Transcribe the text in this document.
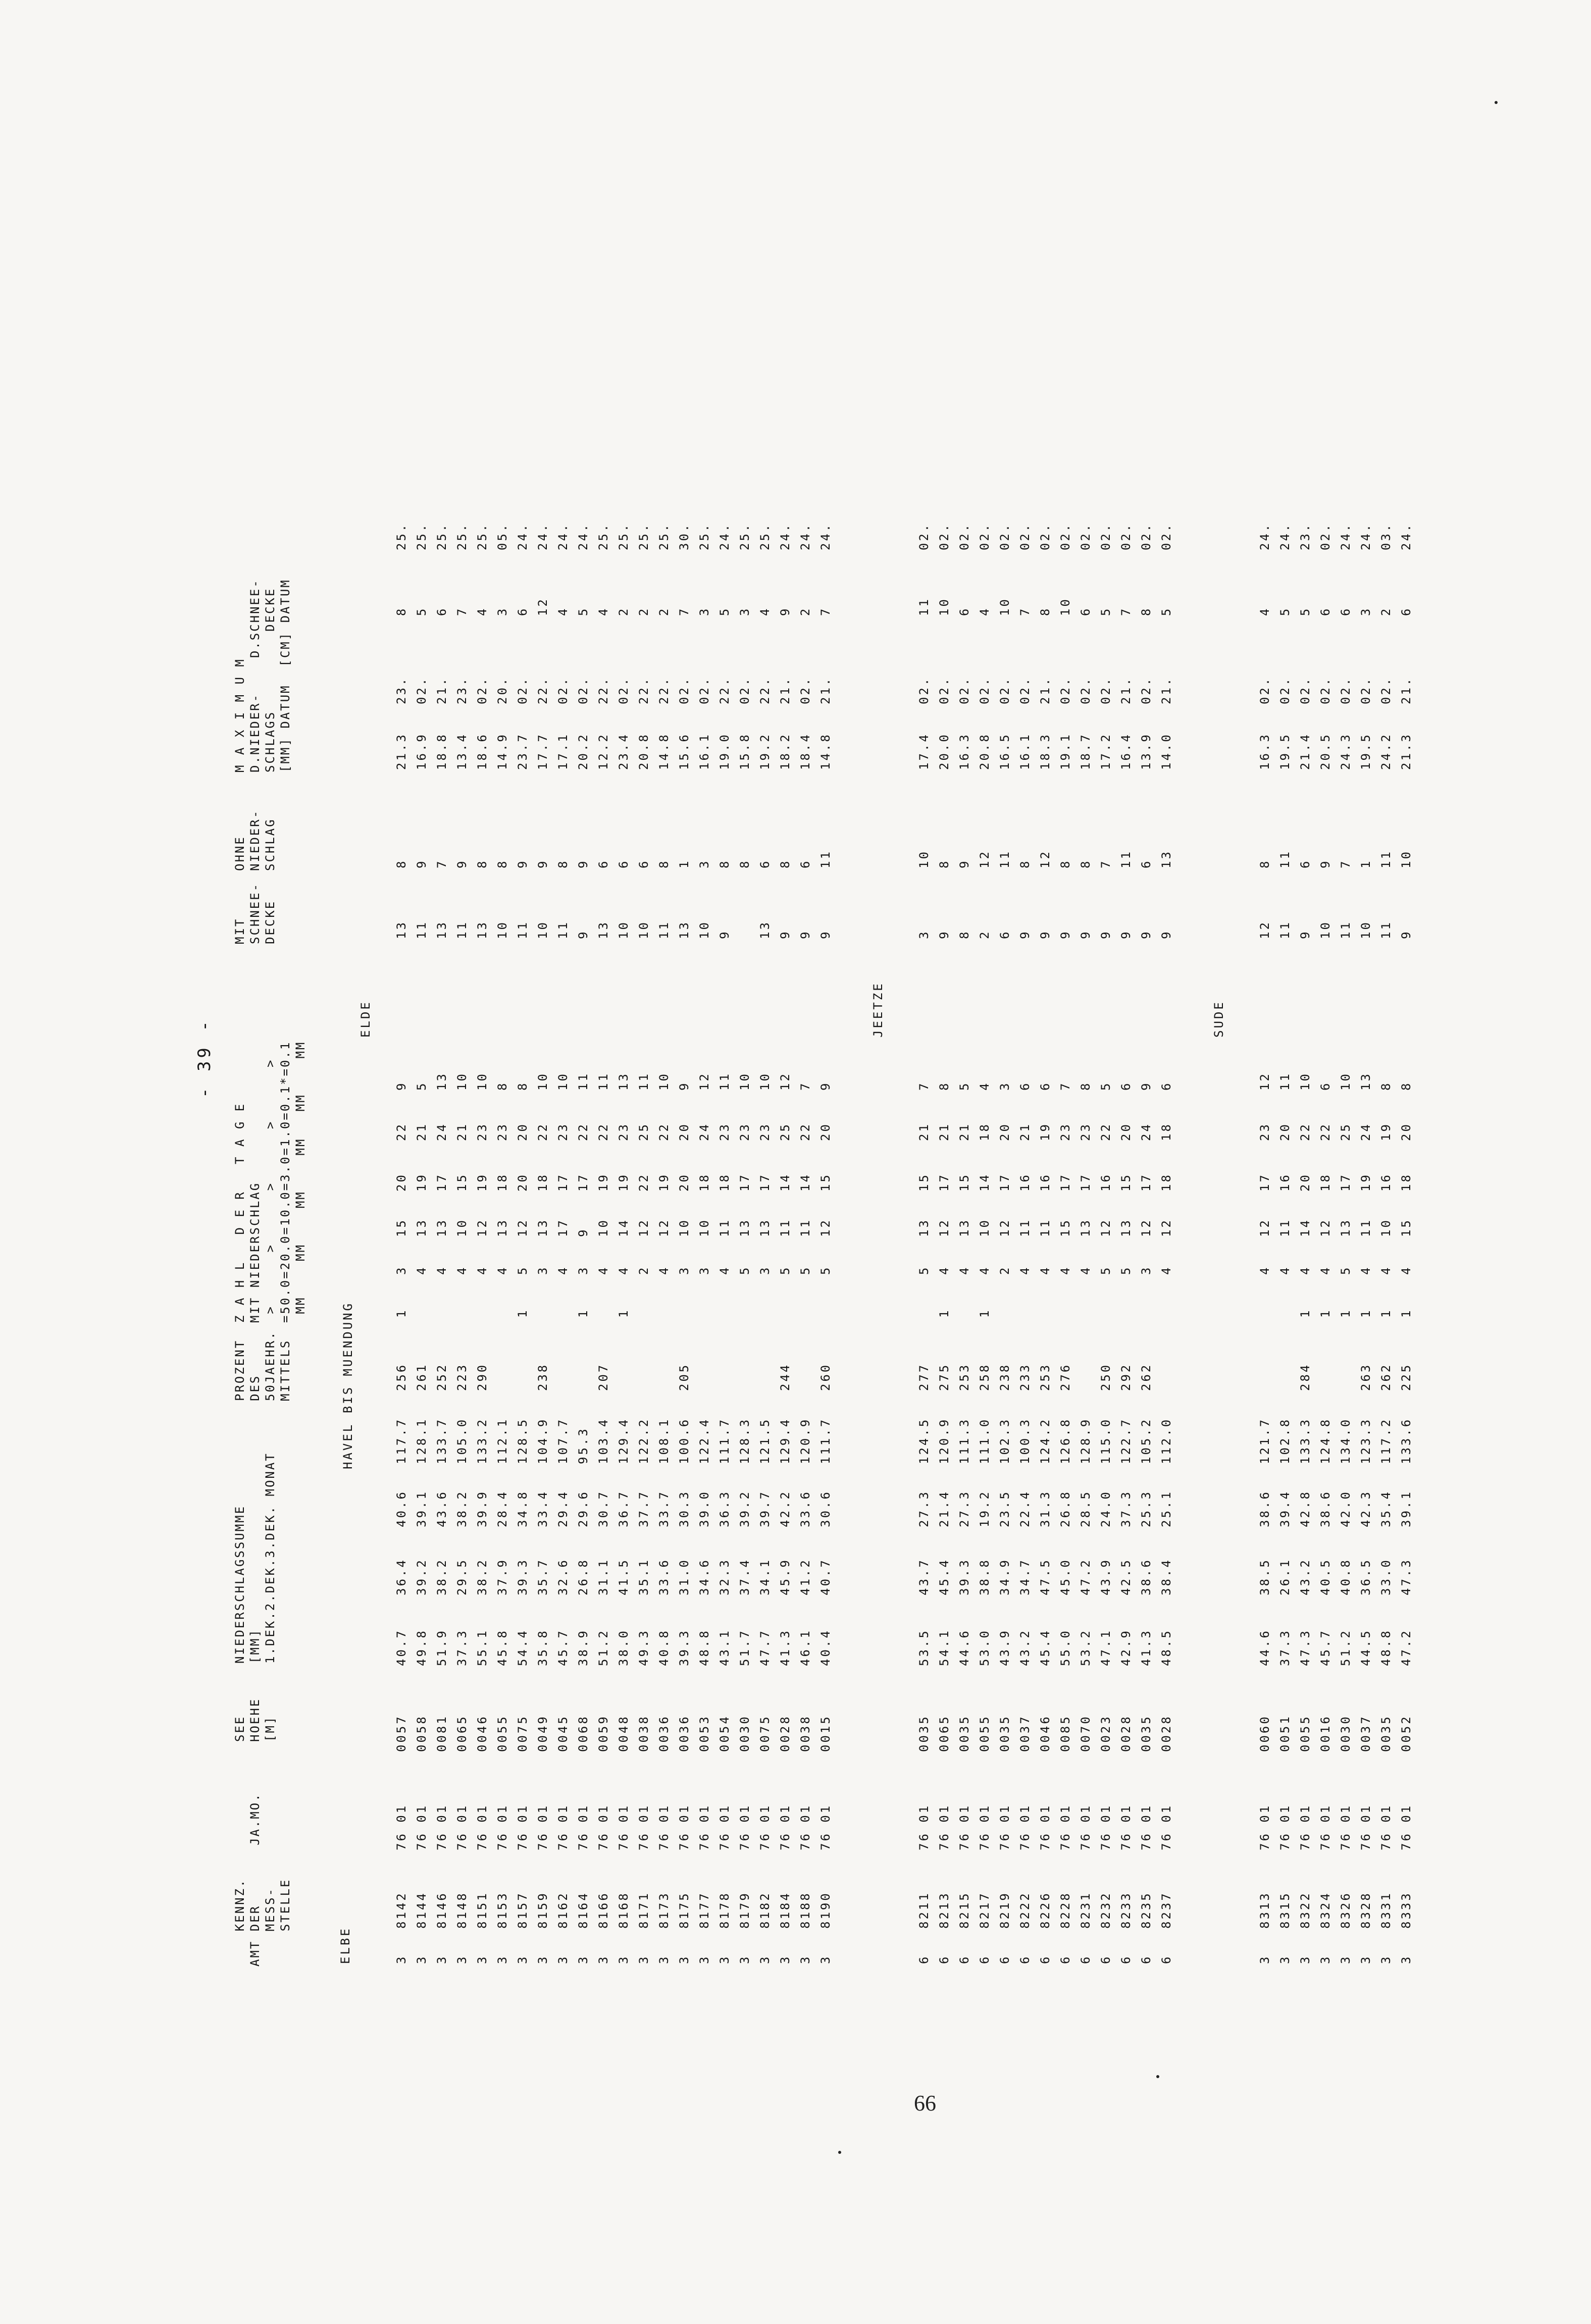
- 39 -
KENNZ.
AMT DER
MESS-
STELLE
JA.MO.
SEE
HOEHE
[M]
NIEDERSCHLAGSSUMME
[MM]
1.DEK.2.DEK.3.DEK. MONAT
PROZENT
DES
50JAEHR.
MITTELS
Z A H L   D E R   T A G E
MIT NIEDERSCHLAG
>      >      >      >      >
=50.0=20.0=10.0=3.0=1.0=0.1*=0.1
MM    MM    MM    MM   MM    MM
MIT
SCHNEE-
DECKE
OHNE
NIEDER-
SCHLAG
M A X I M U M
D.NIEDER-    D.SCHNEE-
SCHLAGS         DECKE
[MM] DATUM  [CM] DATUM
ELBE
HAVEL BIS MUENDUNG
ELDE
3
8142
76 01
0057
40.7
36.4
40.6
117.7
256
1
3
15
20
22
9
13
8
21.3
23.
8
25.
3
8144
76 01
0058
49.8
39.2
39.1
128.1
261
4
13
19
21
5
11
9
16.9
02.
5
25.
3
8146
76 01
0081
51.9
38.2
43.6
133.7
252
4
13
17
24
13
13
7
18.8
21.
6
25.
3
8148
76 01
0065
37.3
29.5
38.2
105.0
223
4
10
15
21
10
11
9
13.4
23.
7
25.
3
8151
76 01
0046
55.1
38.2
39.9
133.2
290
4
12
19
23
10
13
8
18.6
02.
4
25.
3
8153
76 01
0055
45.8
37.9
28.4
112.1
4
13
18
23
8
10
8
14.9
20.
3
05.
3
8157
76 01
0075
54.4
39.3
34.8
128.5
1
5
12
20
20
8
11
9
23.7
02.
6
24.
3
8159
76 01
0049
35.8
35.7
33.4
104.9
238
3
13
18
22
10
10
9
17.7
22.
12
24.
3
8162
76 01
0045
45.7
32.6
29.4
107.7
4
17
17
23
10
11
8
17.1
02.
4
24.
3
8164
76 01
0068
38.9
26.8
29.6
95.3
1
3
9
17
22
11
9
9
20.2
02.
5
24.
3
8166
76 01
0059
51.2
31.1
30.7
103.4
207
4
10
19
22
11
13
6
12.2
22.
4
25.
3
8168
76 01
0048
38.0
41.5
36.7
129.4
1
4
14
19
23
13
10
6
23.4
02.
2
25.
3
8171
76 01
0038
49.3
35.1
37.7
122.2
2
12
22
25
11
10
6
20.8
22.
2
25.
3
8173
76 01
0036
40.8
33.6
33.7
108.1
4
12
19
22
10
11
8
14.8
22.
2
25.
3
8175
76 01
0036
39.3
31.0
30.3
100.6
205
3
10
20
20
9
13
1
15.6
02.
7
30.
3
8177
76 01
0053
48.8
34.6
39.0
122.4
3
10
18
24
12
10
3
16.1
02.
3
25.
3
8178
76 01
0054
43.1
32.3
36.3
111.7
4
11
18
23
11
9
8
19.0
22.
5
24.
3
8179
76 01
0030
51.7
37.4
39.2
128.3
5
13
17
23
10
8
15.8
02.
3
25.
3
8182
76 01
0075
47.7
34.1
39.7
121.5
3
13
17
23
10
13
6
19.2
22.
4
25.
3
8184
76 01
0028
41.3
45.9
42.2
129.4
244
5
11
14
25
12
9
8
18.2
21.
9
24.
3
8188
76 01
0038
46.1
41.2
33.6
120.9
5
11
14
22
7
9
6
18.4
02.
2
24.
3
8190
76 01
0015
40.4
40.7
30.6
111.7
260
5
12
15
20
9
9
11
14.8
21.
7
24.
JEETZE
6
8211
76 01
0035
53.5
43.7
27.3
124.5
277
5
13
15
21
7
3
10
17.4
02.
11
02.
6
8213
76 01
0065
54.1
45.4
21.4
120.9
275
1
4
12
17
21
8
9
8
20.0
02.
10
02.
6
8215
76 01
0035
44.6
39.3
27.3
111.3
253
4
13
15
21
5
8
9
16.3
02.
6
02.
6
8217
76 01
0055
53.0
38.8
19.2
111.0
258
1
4
10
14
18
4
2
12
20.8
02.
4
02.
6
8219
76 01
0035
43.9
34.9
23.5
102.3
238
2
12
17
20
3
6
11
16.5
02.
10
02.
6
8222
76 01
0037
43.2
34.7
22.4
100.3
233
4
11
16
21
6
9
8
16.1
02.
7
02.
6
8226
76 01
0046
45.4
47.5
31.3
124.2
253
4
11
16
19
6
9
12
18.3
21.
8
02.
6
8228
76 01
0085
55.0
45.0
26.8
126.8
276
4
15
17
23
7
9
8
19.1
02.
10
02.
6
8231
76 01
0070
53.2
47.2
28.5
128.9
4
13
17
23
8
9
8
18.7
02.
6
02.
6
8232
76 01
0023
47.1
43.9
24.0
115.0
250
5
12
16
22
5
9
7
17.2
02.
5
02.
6
8233
76 01
0028
42.9
42.5
37.3
122.7
292
5
13
15
20
6
9
11
16.4
21.
7
02.
6
8235
76 01
0035
41.3
38.6
25.3
105.2
262
3
12
17
24
9
9
6
13.9
02.
8
02.
6
8237
76 01
0028
48.5
38.4
25.1
112.0
4
12
18
18
6
9
13
14.0
21.
5
02.
SUDE
3
8313
76 01
0060
44.6
38.5
38.6
121.7
4
12
17
23
12
12
8
16.3
02.
4
24.
3
8315
76 01
0051
37.3
26.1
39.4
102.8
4
11
16
20
11
11
11
19.5
02.
5
24.
3
8322
76 01
0055
47.3
43.2
42.8
133.3
284
1
4
14
20
22
10
9
6
21.4
02.
5
23.
3
8324
76 01
0016
45.7
40.5
38.6
124.8
1
4
12
18
22
6
10
9
20.5
02.
6
02.
3
8326
76 01
0030
51.2
40.8
42.0
134.0
1
5
13
17
25
10
11
7
24.3
02.
6
24.
3
8328
76 01
0037
44.5
36.5
42.3
123.3
263
1
4
11
19
24
13
10
1
19.5
02.
3
24.
3
8331
76 01
0035
48.8
33.0
35.4
117.2
262
1
4
10
16
19
8
11
11
24.2
02.
2
03.
3
8333
76 01
0052
47.2
47.3
39.1
133.6
225
1
4
15
18
20
8
9
10
21.3
21.
6
24.
66
